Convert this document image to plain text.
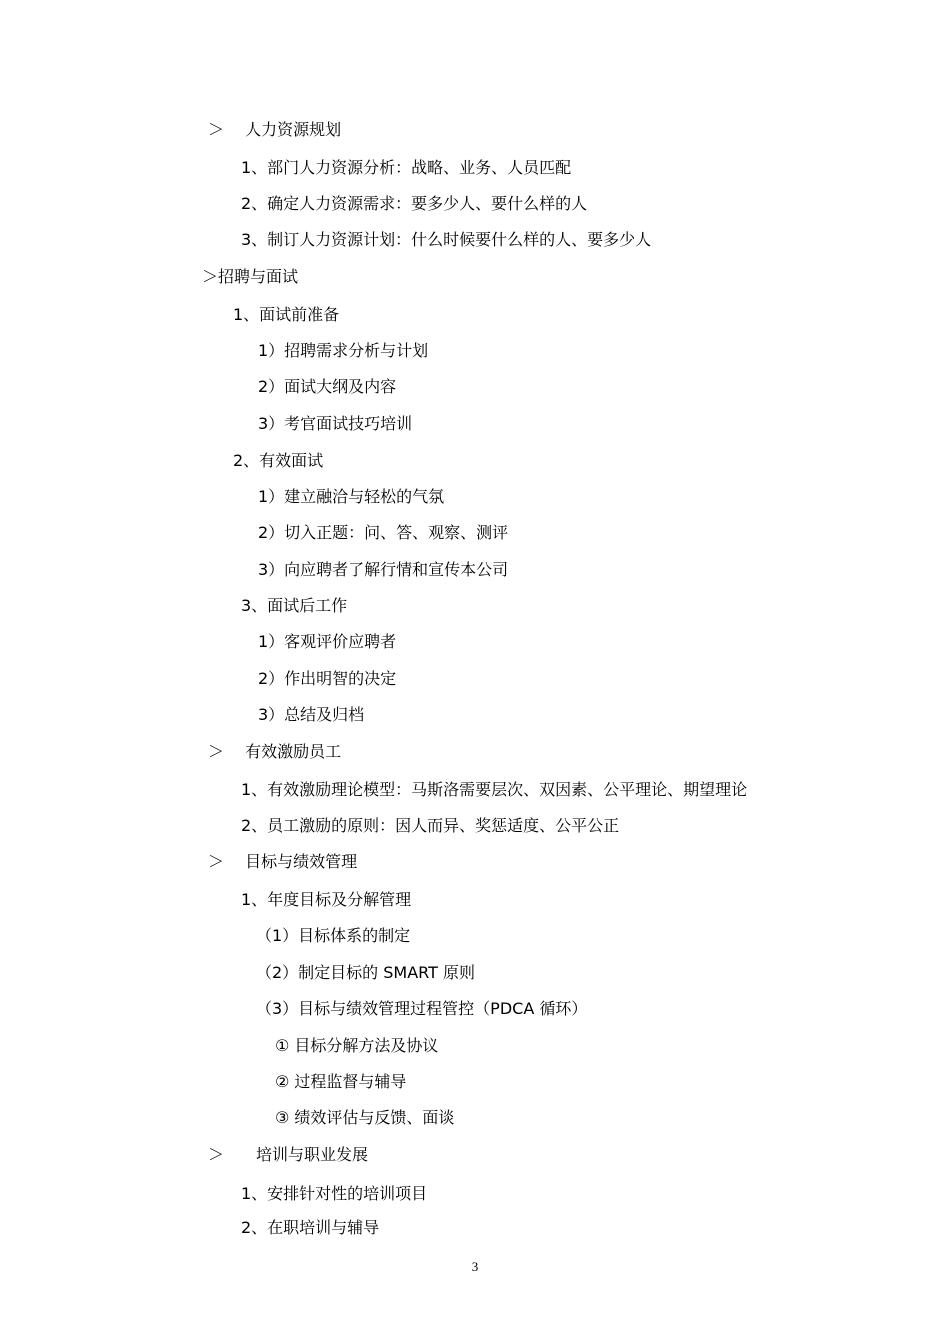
＞　 人力资源规划
1、部门人力资源分析：战略、业务、人员匹配
2、确定人力资源需求：要多少人、要什么样的人
3、制订人力资源计划：什么时候要什么样的人、要多少人
＞招聘与面试
1、面试前准备
1）招聘需求分析与计划
2）面试大纲及内容
3）考官面试技巧培训
2、有效面试
1）建立融洽与轻松的气氛
2）切入正题：问、答、观察、测评
3）向应聘者了解行情和宣传本公司
3、面试后工作
1）客观评价应聘者
2）作出明智的决定
3）总结及归档
＞　 有效激励员工
1、有效激励理论模型：马斯洛需要层次、双因素、公平理论、期望理论
2、员工激励的原则：因人而异、奖惩适度、公平公正
＞　 目标与绩效管理
1、年度目标及分解管理
（1）目标体系的制定
（2）制定目标的 SMART 原则
（3）目标与绩效管理过程管控（PDCA 循环）
① 目标分解方法及协议
② 过程监督与辅导
③ 绩效评估与反馈、面谈
＞　　培训与职业发展
1、安排针对性的培训项目
2、在职培训与辅导
3
